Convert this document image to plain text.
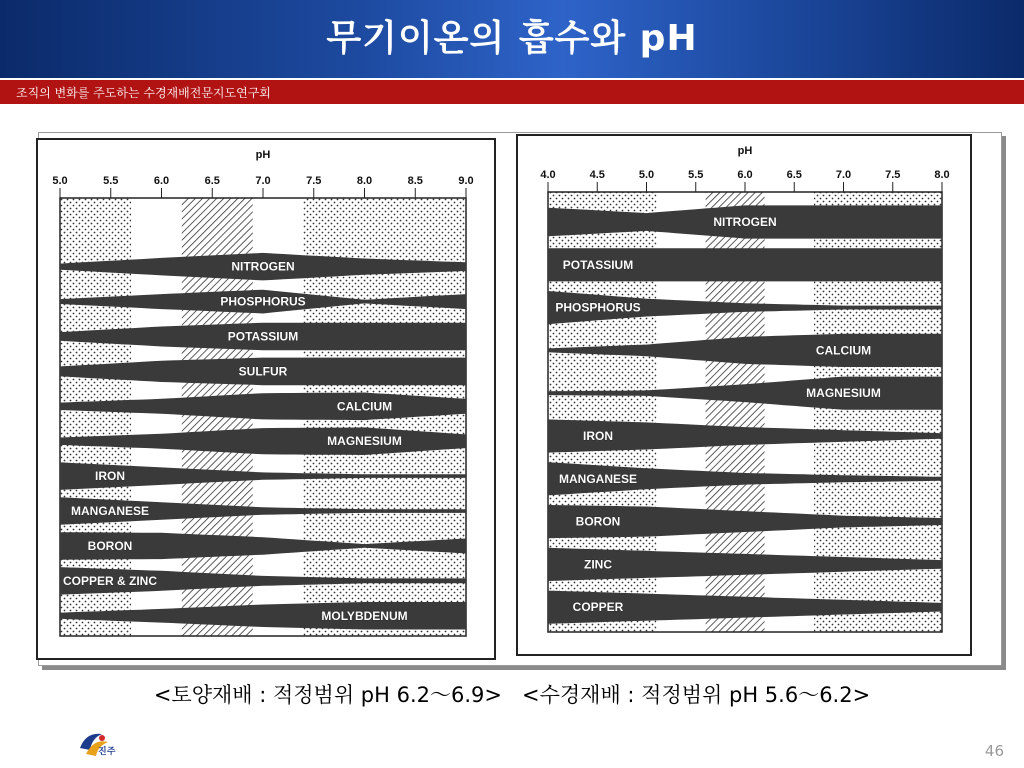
무기이온의 흡수와 pH
조직의 변화를 주도하는 수경재배전문지도연구회
pH
5.0	5.5	6.0	6.5	7.0	7.5	8.0	8.5	9.0
NITROGEN
PHOSPHORUS
POTASSIUM
SULFUR
CALCIUM
MAGNESIUM
IRON
MANGANESE
BORON
COPPER & ZINC
MOLYBDENUM
pH
4.0	4.5	5.0	5.5	6.0	6.5	7.0	7.5	8.0
NITROGEN
POTASSIUM
PHOSPHORUS
CALCIUM
MAGNESIUM
IRON
MANGANESE
BORON
ZINC
COPPER
<토양재배 : 적정범위 pH 6.2～6.9> <수경재배 : 적정범위 pH 5.6～6.2>
진주	46
